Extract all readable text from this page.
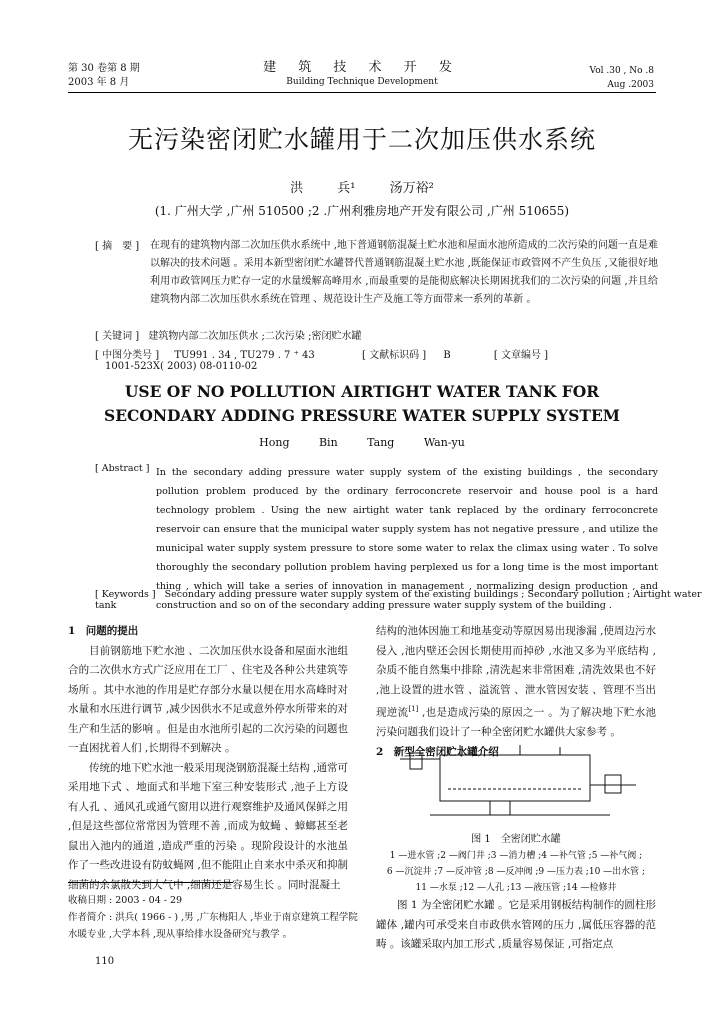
第 30 卷第 8 期
2003 年 8 月
建 筑 技 术 开 发
Building Technique Development
Vol .30 , No .8
Aug .2003
无污染密闭贮水罐用于二次加压供水系统
洪 兵¹ 汤万裕²
(1. 广州大学 ,广州 510500 ;2 .广州利雅房地产开发有限公司 ,广州 510655)
[ 摘　要 ] 在现有的建筑物内部二次加压供水系统中 ,地下普通钢筋混凝土贮水池和屋面水池所造成的二次污染的问题一直是难以解决的技术问题 。采用本新型密闭贮水罐替代普通钢筋混凝土贮水池 ,既能保证市政管网不产生负压 ,又能很好地利用市政管网压力贮存一定的水量缓解高峰用水 ,而最重要的是能彻底解决长期困扰我们的二次污染的问题 ,并且给建筑物内部二次加压供水系统在管理 、规范设计生产及施工等方面带来一系列的革新 。
[ 关键词 ] 建筑物内部二次加压供水 ;二次污染 ;密闭贮水罐
[ 中图分类号 ] TU991 . 34 , TU279 . 7 ⁺ 43	[ 文献标识码 ] B	[ 文章编号 ] 1001-523X( 2003) 08-0110-02
USE OF NO POLLUTION AIRTIGHT WATER TANK FOR SECONDARY ADDING PRESSURE WATER SUPPLY SYSTEM
Hong Bin Tang Wan-yu
[ Abstract ] In the secondary adding pressure water supply system of the existing buildings , the secondary pollution problem produced by the ordinary ferroconcrete reservoir and house pool is a hard technology problem . Using the new airtight water tank replaced by the ordinary ferroconcrete reservoir can ensure that the municipal water supply system has not negative pressure , and utilize the municipal water supply system pressure to store some water to relax the climax using water . To solve thoroughly the secondary pollution problem having perplexed us for a long time is the most important thing , which will take a series of innovation in management , normalizing design production , and construction and so on of the secondary adding pressure water supply system of the building .
[ Keywords ] Secondary adding pressure water supply system of the existing buildings ; Secondary pollution ; Airtight water tank
1　问题的提出
目前钢筋地下贮水池 、二次加压供水设备和屋面水池组合的二次供水方式广泛应用在工厂 、住宅及各种公共建筑等场所 。其中水池的作用是贮存部分水量以便在用水高峰时对水量和水压进行调节 ,减少因供水不足或意外停水所带来的对生产和生活的影响 。但是由水池所引起的二次污染的问题也一直困扰着人们 ,长期得不到解决 。
传统的地下贮水池一般采用现浇钢筋混凝土结构 ,通常可采用地下式 、地面式和半地下室三种安装形式 ,池子上方设有人孔 、通风孔或通气窗用以进行观察维护及通风保鲜之用 ,但是这些部位常常因为管理不善 ,而成为蚊蝇 、蟑螂甚至老鼠出入池内的通道 ,造成严重的污染 。现阶段设计的水池虽作了一些改进设有防蚊蝇网 ,但不能阻止自来水中杀灭和抑制细菌的余氯散失到大气中 ,细菌还是容易生长 。同时混凝土
结构的池体因施工和地基变动等原因易出现渗漏 ,使周边污水侵入 ,池内壁还会因长期使用而掉砂 ,水池又多为平底结构 ,杂质不能自然集中排除 ,清洗起来非常困难 ,清洗效果也不好 ,池上设置的进水管 、溢流管 、泄水管因安装 、管理不当出现逆流[1] ,也是造成污染的原因之一 。为了解决地下贮水池污染问题我们设计了一种全密闭贮水罐供大家参考 。
2　新型全密闭贮水罐介绍
图 1　全密闭贮水罐
1 —进水管 ;2 —阀门井 ;3 —消力槽 ;4 —补气管 ;5 —补气阀 ;
6 —沉淀井 ;7 —反冲管 ;8 —反冲阀 ;9 —压力表 ;10 —出水管 ;
11 —水泵 ;12 —人孔 ;13 —液压管 ;14 —检修井
图 1 为全密闭贮水罐 。它是采用钢板结构制作的圆柱形罐体 ,罐内可承受来自市政供水管网的压力 ,属低压容器的范畴 。该罐采取内加工形式 ,质量容易保证 ,可指定点
收稿日期 : 2003 - 04 - 29
作者简介 : 洪兵( 1966 - ) ,男 ,广东梅阳人 ,毕业于南京建筑工程学院水暖专业 ,大学本科 ,现从事给排水设备研究与教学 。
110
